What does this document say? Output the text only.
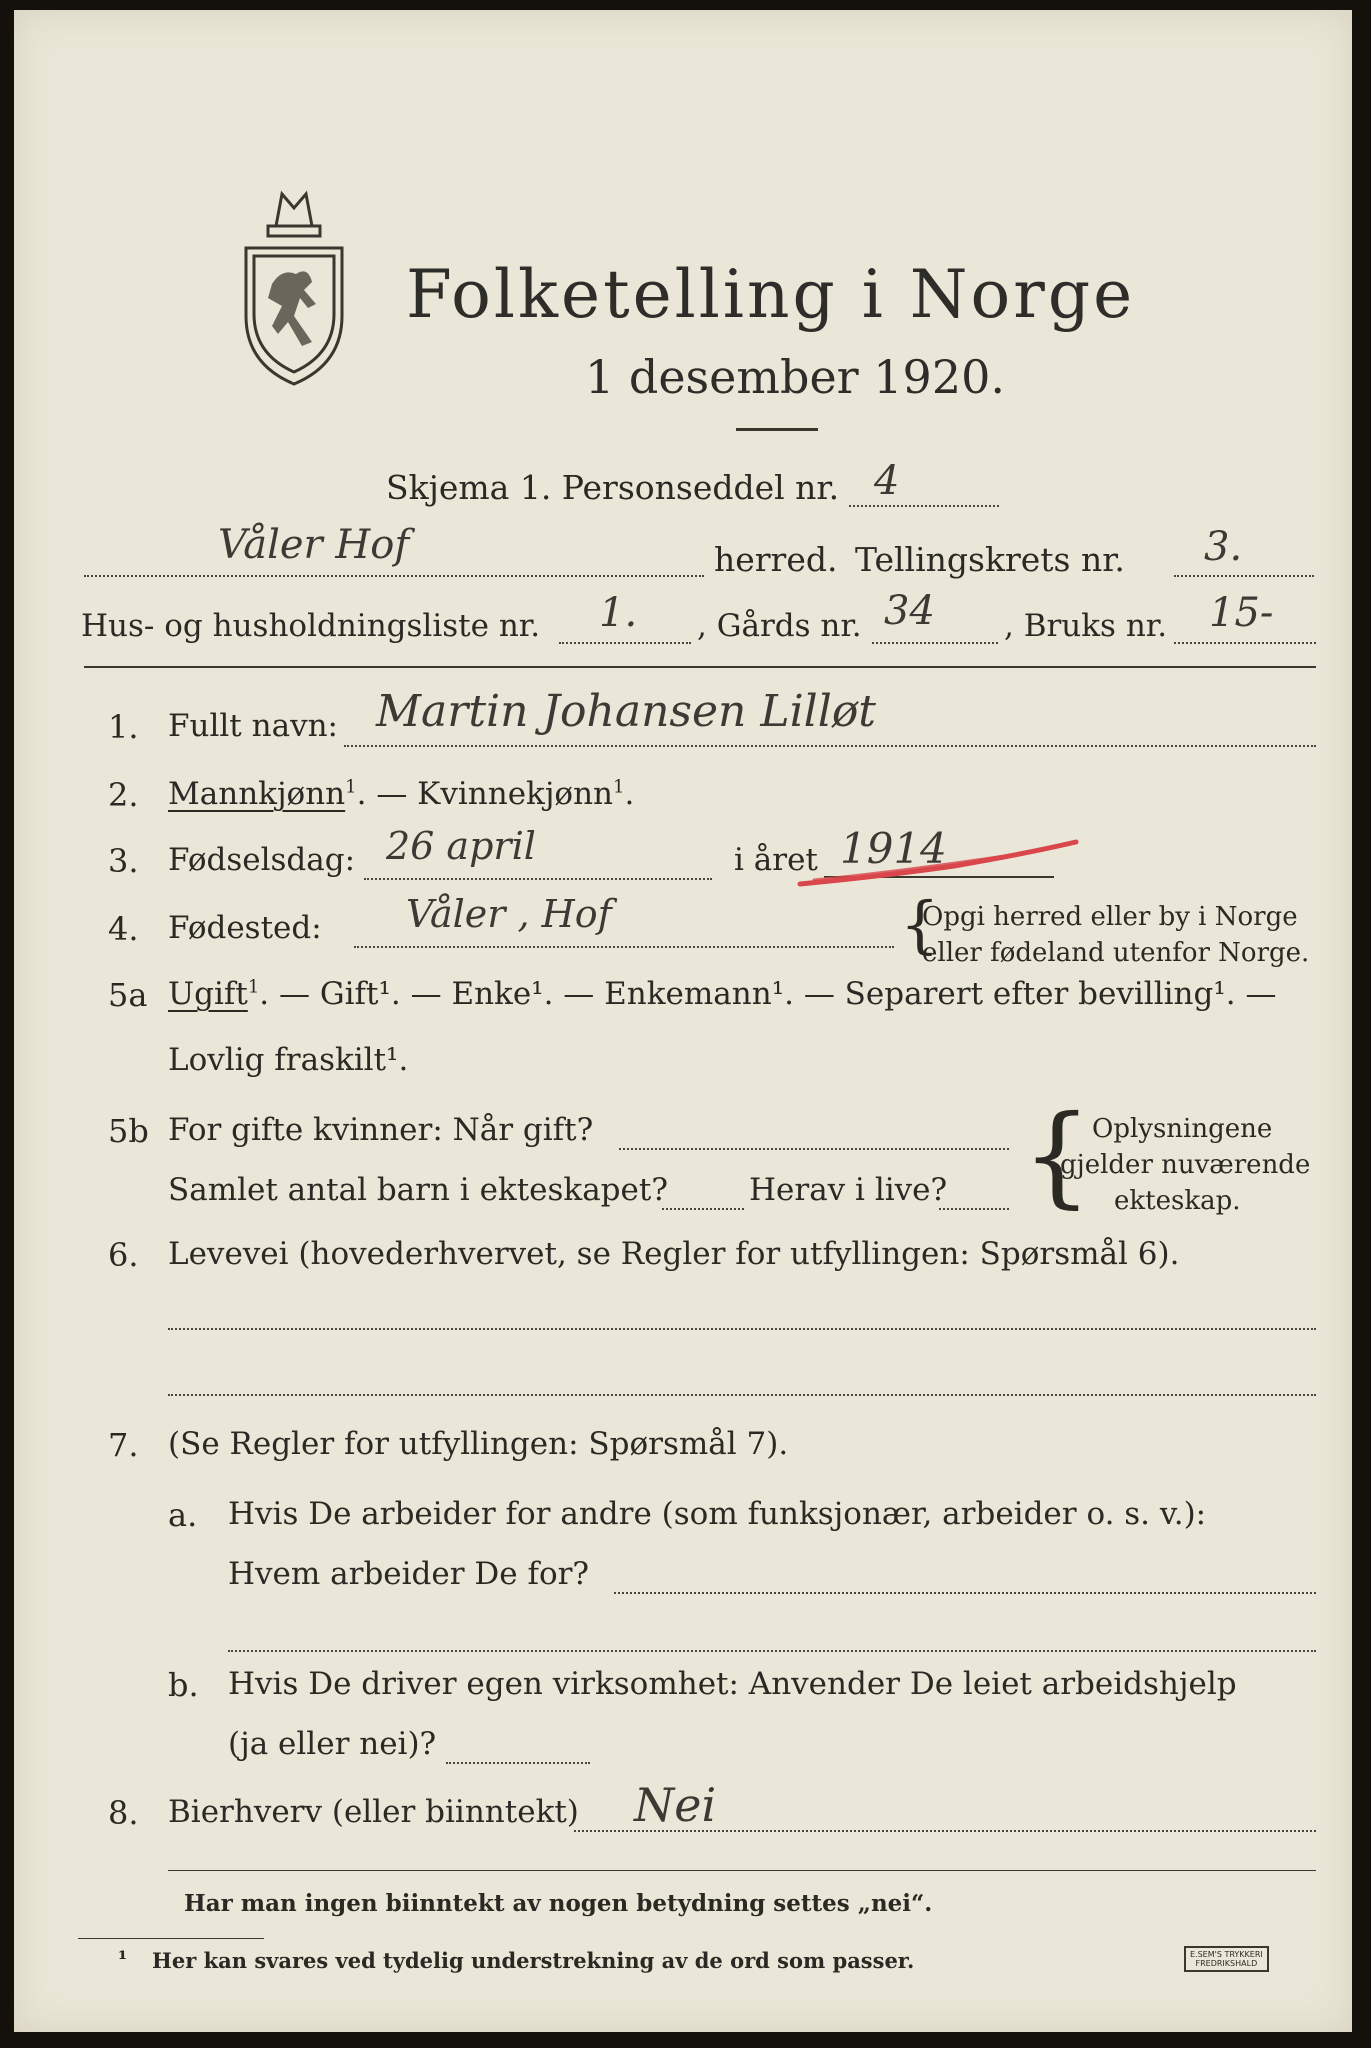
Folketelling i Norge
1 desember 1920.
Skjema 1. Personseddel nr. 4
Våler Hof	herred. Tellingskrets nr. 3.
Hus- og husholdningsliste nr. 1. , Gårds nr. 34 , Bruks nr. 15-
1. Fullt navn: Martin Johansen Lilløt
2. Mannkjønn$^1$. — Kvinnekjønn$^1$.
3. Fødselsdag: 26 april	i året 1914
4. Fødested: Våler , Hof	{
Opgi herred eller by i Norge
eller fødeland utenfor Norge.
5a Ugift$^1$. — Gift¹. — Enke¹. — Enkemann¹. — Separert efter bevilling¹. —
Lovlig fraskilt¹.
5b For gifte kvinner: Når gift?
Samlet antal barn i ekteskapet?	Herav i live? { Oplysningene
gjelder nuværende
ekteskap.
6. Levevei (hovederhvervet, se Regler for utfyllingen: Spørsmål 6).
7. (Se Regler for utfyllingen: Spørsmål 7).
a. Hvis De arbeider for andre (som funksjonær, arbeider o. s. v.):
Hvem arbeider De for?
b. Hvis De driver egen virksomhet: Anvender De leiet arbeidshjelp
(ja eller nei)?
8. Bierhverv (eller biinntekt) Nei
Har man ingen biinntekt av nogen betydning settes „nei“.
¹ Her kan svares ved tydelig understrekning av de ord som passer.	E.SEM'S TRYKKERI
FREDRIKSHALD
